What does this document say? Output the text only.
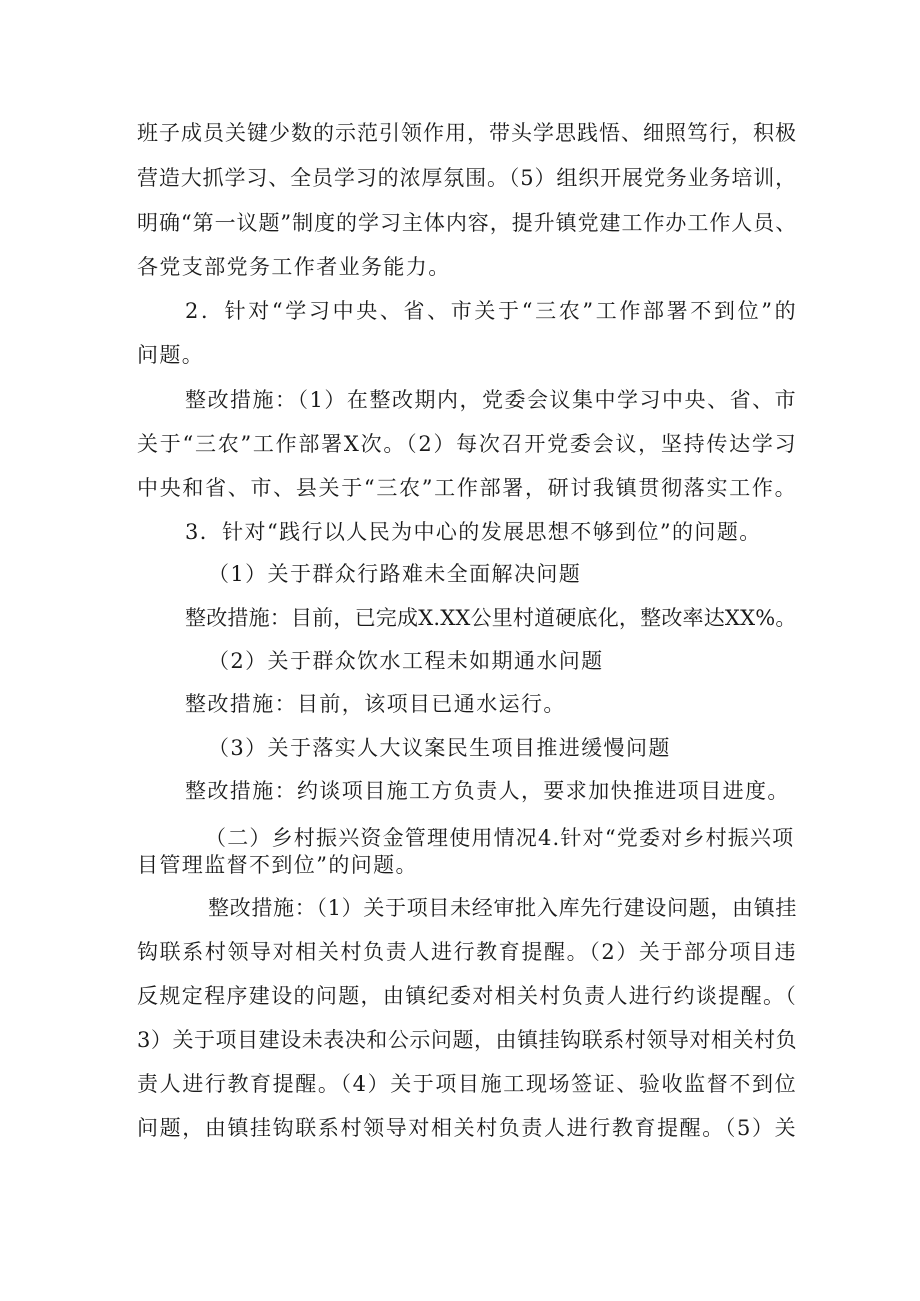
班子成员关键少数的示范引领作用，带头学思践悟、细照笃行，积极
营造大抓学习、全员学习的浓厚氛围。（5）组织开展党务业务培训，
明确“第一议题”制度的学习主体内容，提升镇党建工作办工作人员、
各党支部党务工作者业务能力。
2．针对“学习中央、省、市关于“三农”工作部署不到位”的
问题。
整改措施：（1）在整改期内，党委会议集中学习中央、省、市
关于“三农”工作部署X次。（2）每次召开党委会议，坚持传达学习
中央和省、市、县关于“三农”工作部署，研讨我镇贯彻落实工作。
3．针对“践行以人民为中心的发展思想不够到位”的问题。
（1）关于群众行路难未全面解决问题
整改措施：目前，已完成X.XX公里村道硬底化，整改率达XX%。
（2）关于群众饮水工程未如期通水问题
整改措施：目前，该项目已通水运行。
（3）关于落实人大议案民生项目推进缓慢问题
整改措施：约谈项目施工方负责人，要求加快推进项目进度。
（二）乡村振兴资金管理使用情况4.针对“党委对乡村振兴项
目管理监督不到位”的问题。
整改措施：（1）关于项目未经审批入库先行建设问题，由镇挂
钩联系村领导对相关村负责人进行教育提醒。（2）关于部分项目违
反规定程序建设的问题，由镇纪委对相关村负责人进行约谈提醒。（
3）关于项目建设未表决和公示问题，由镇挂钩联系村领导对相关村负
责人进行教育提醒。（4）关于项目施工现场签证、验收监督不到位
问题，由镇挂钩联系村领导对相关村负责人进行教育提醒。（5）关
